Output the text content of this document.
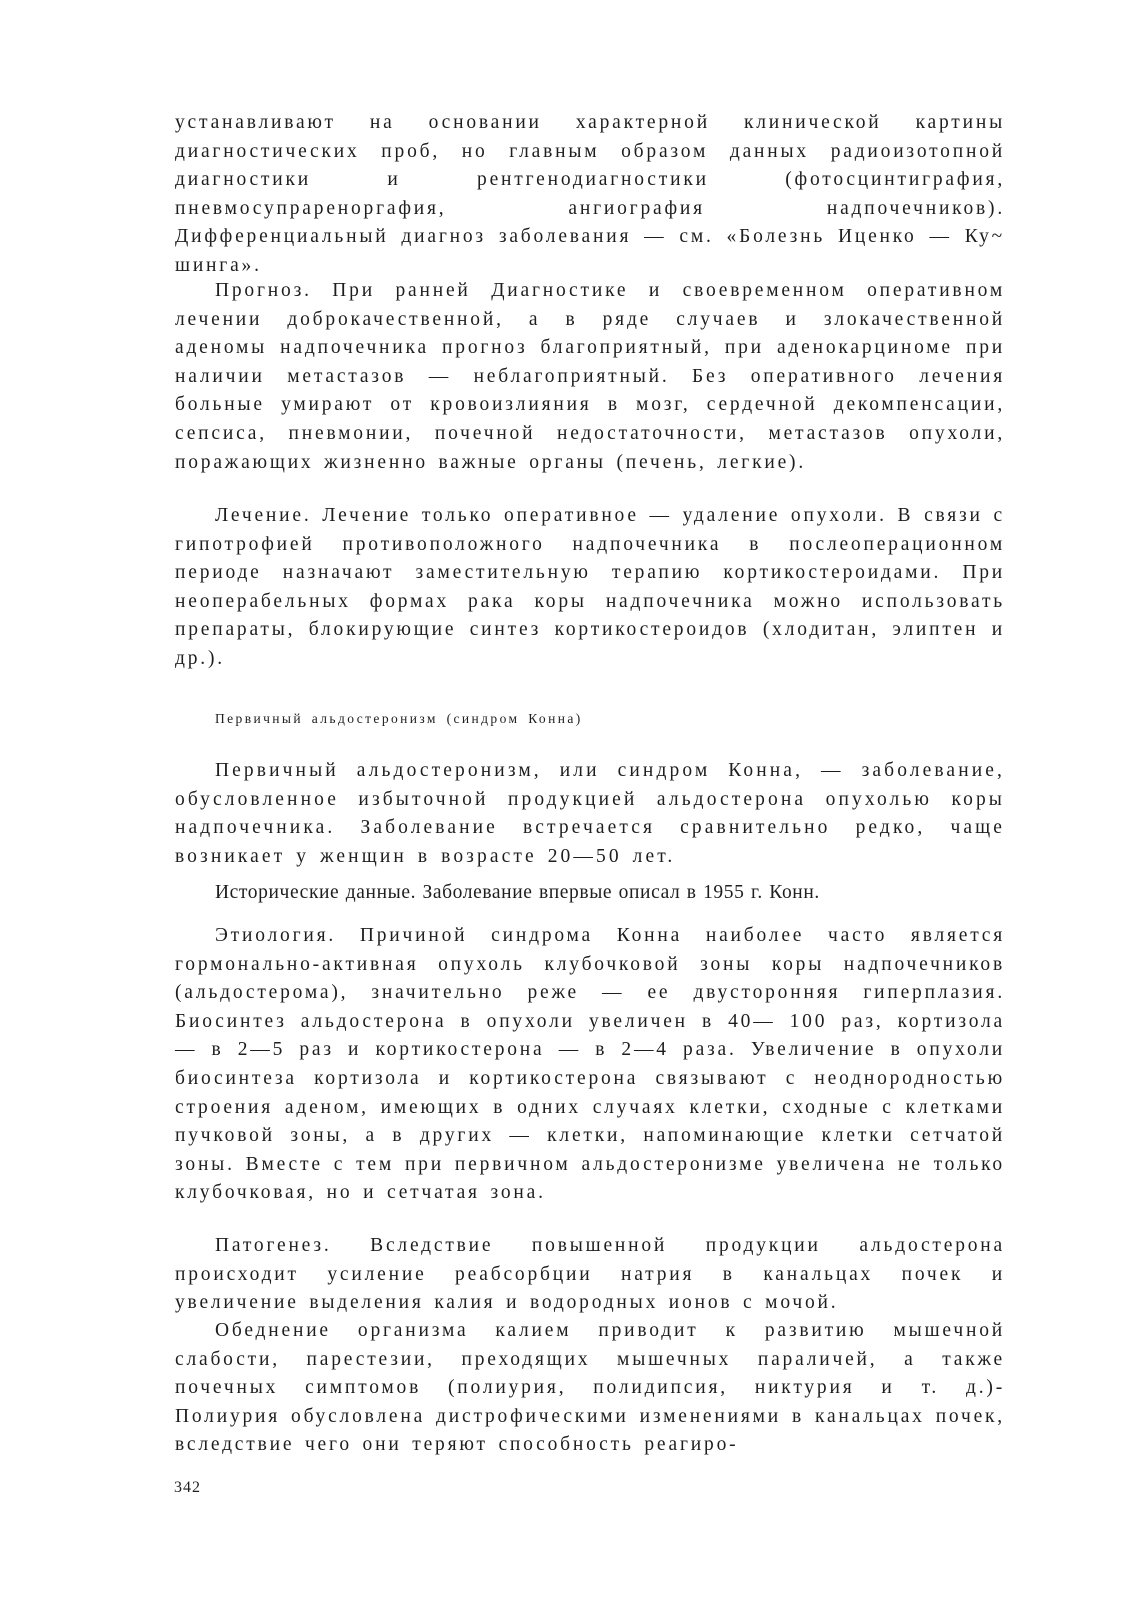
устанавливают на основании характерной клинической картины диагностических проб, но главным образом данных радиоизотопной диагностики и рентгенодиагностики (фотосцинтиграфия, пневмосупрареноргафия, ангиография надпочечников). Дифференциальный диагноз заболевания — см. «Болезнь Иценко — Ку~ шинга».

Прогноз. При ранней Диагностике и своевременном оперативном лечении доброкачественной, а в ряде случаев и злокачественной аденомы надпочечника прогноз благоприятный, при аденокарциноме при наличии метастазов — неблагоприятный. Без оперативного лечения больные умирают от кровоизлияния в мозг, сердечной декомпенсации, сепсиса, пневмонии, почечной недостаточности, метастазов опухоли, поражающих жизненно важные органы (печень, легкие).

Лечение. Лечение только оперативное — удаление опухоли. В связи с гипотрофией противоположного надпочечника в послеоперационном периоде назначают заместительную терапию кортикостероидами. При неоперабельных формах рака коры надпочечника можно использовать препараты, блокирующие синтез кортикостероидов (хлодитан, элиптен и др.).

Первичный альдостеронизм (синдром Конна)

Первичный альдостеронизм, или синдром Конна, — заболевание, обусловленное избыточной продукцией альдостерона опухолью коры надпочечника. Заболевание встречается сравнительно редко, чаще возникает у женщин в возрасте 20—50 лет.

Исторические данные. Заболевание впервые описал в 1955 г. Конн.

Этиология. Причиной синдрома Конна наиболее часто является гормонально-активная опухоль клубочковой зоны коры надпочечников (альдостерома), значительно реже — ее двусторонняя гиперплазия. Биосинтез альдостерона в опухоли увеличен в 40— 100 раз, кортизола — в 2—5 раз и кортикостерона — в 2—4 раза. Увеличение в опухоли биосинтеза кортизола и кортикостерона связывают с неоднородностью строения аденом, имеющих в одних случаях клетки, сходные с клетками пучковой зоны, а в других — клетки, напоминающие клетки сетчатой зоны. Вместе с тем при первичном альдостеронизме увеличена не только клубочковая, но и сетчатая зона.

Патогенез. Вследствие повышенной продукции альдостерона происходит усиление реабсорбции натрия в канальцах почек и увеличение выделения калия и водородных ионов с мочой.

Обеднение организма калием приводит к развитию мышечной слабости, парестезии, преходящих мышечных параличей, а также почечных симптомов (полиурия, полидипсия, никтурия и т. д.)- Полиурия обусловлена дистрофическими изменениями в канальцах почек, вследствие чего они теряют способность реагиро-

342
